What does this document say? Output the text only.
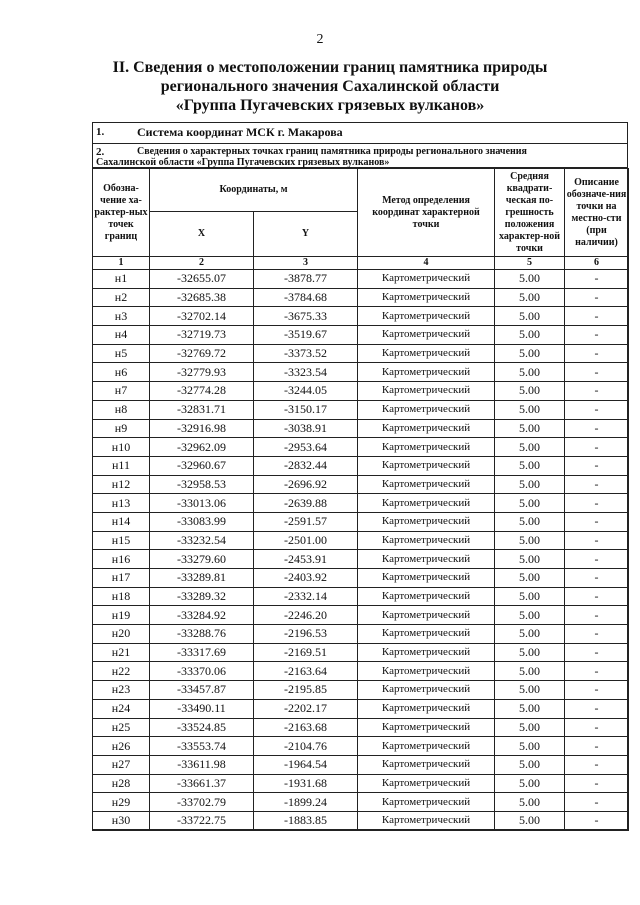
2
II. Сведения о местоположении границ памятника природы
регионального значения Сахалинской области
«Группа Пугачевских грязевых вулканов»
1.	Система координат МСК г. Макарова
2.	Сведения о характерных точках границ памятника природы регионального значения
Сахалинской области «Группа Пугачевских грязевых вулканов»
Обозна-чение ха-рактер-ных точек границ	Координаты, м		Метод определения координат характерной точки	Средняя квадрати-ческая по-грешность положения характер-ной точки	Описание обозначе-ния точки на местно-сти (при наличии)
	X	Y			
1	2	3	4	5	6
н1	-32655.07	-3878.77	Картометрический	5.00	-
н2	-32685.38	-3784.68	Картометрический	5.00	-
н3	-32702.14	-3675.33	Картометрический	5.00	-
н4	-32719.73	-3519.67	Картометрический	5.00	-
н5	-32769.72	-3373.52	Картометрический	5.00	-
н6	-32779.93	-3323.54	Картометрический	5.00	-
н7	-32774.28	-3244.05	Картометрический	5.00	-
н8	-32831.71	-3150.17	Картометрический	5.00	-
н9	-32916.98	-3038.91	Картометрический	5.00	-
н10	-32962.09	-2953.64	Картометрический	5.00	-
н11	-32960.67	-2832.44	Картометрический	5.00	-
н12	-32958.53	-2696.92	Картометрический	5.00	-
н13	-33013.06	-2639.88	Картометрический	5.00	-
н14	-33083.99	-2591.57	Картометрический	5.00	-
н15	-33232.54	-2501.00	Картометрический	5.00	-
н16	-33279.60	-2453.91	Картометрический	5.00	-
н17	-33289.81	-2403.92	Картометрический	5.00	-
н18	-33289.32	-2332.14	Картометрический	5.00	-
н19	-33284.92	-2246.20	Картометрический	5.00	-
н20	-33288.76	-2196.53	Картометрический	5.00	-
н21	-33317.69	-2169.51	Картометрический	5.00	-
н22	-33370.06	-2163.64	Картометрический	5.00	-
н23	-33457.87	-2195.85	Картометрический	5.00	-
н24	-33490.11	-2202.17	Картометрический	5.00	-
н25	-33524.85	-2163.68	Картометрический	5.00	-
н26	-33553.74	-2104.76	Картометрический	5.00	-
н27	-33611.98	-1964.54	Картометрический	5.00	-
н28	-33661.37	-1931.68	Картометрический	5.00	-
н29	-33702.79	-1899.24	Картометрический	5.00	-
н30	-33722.75	-1883.85	Картометрический	5.00	-
